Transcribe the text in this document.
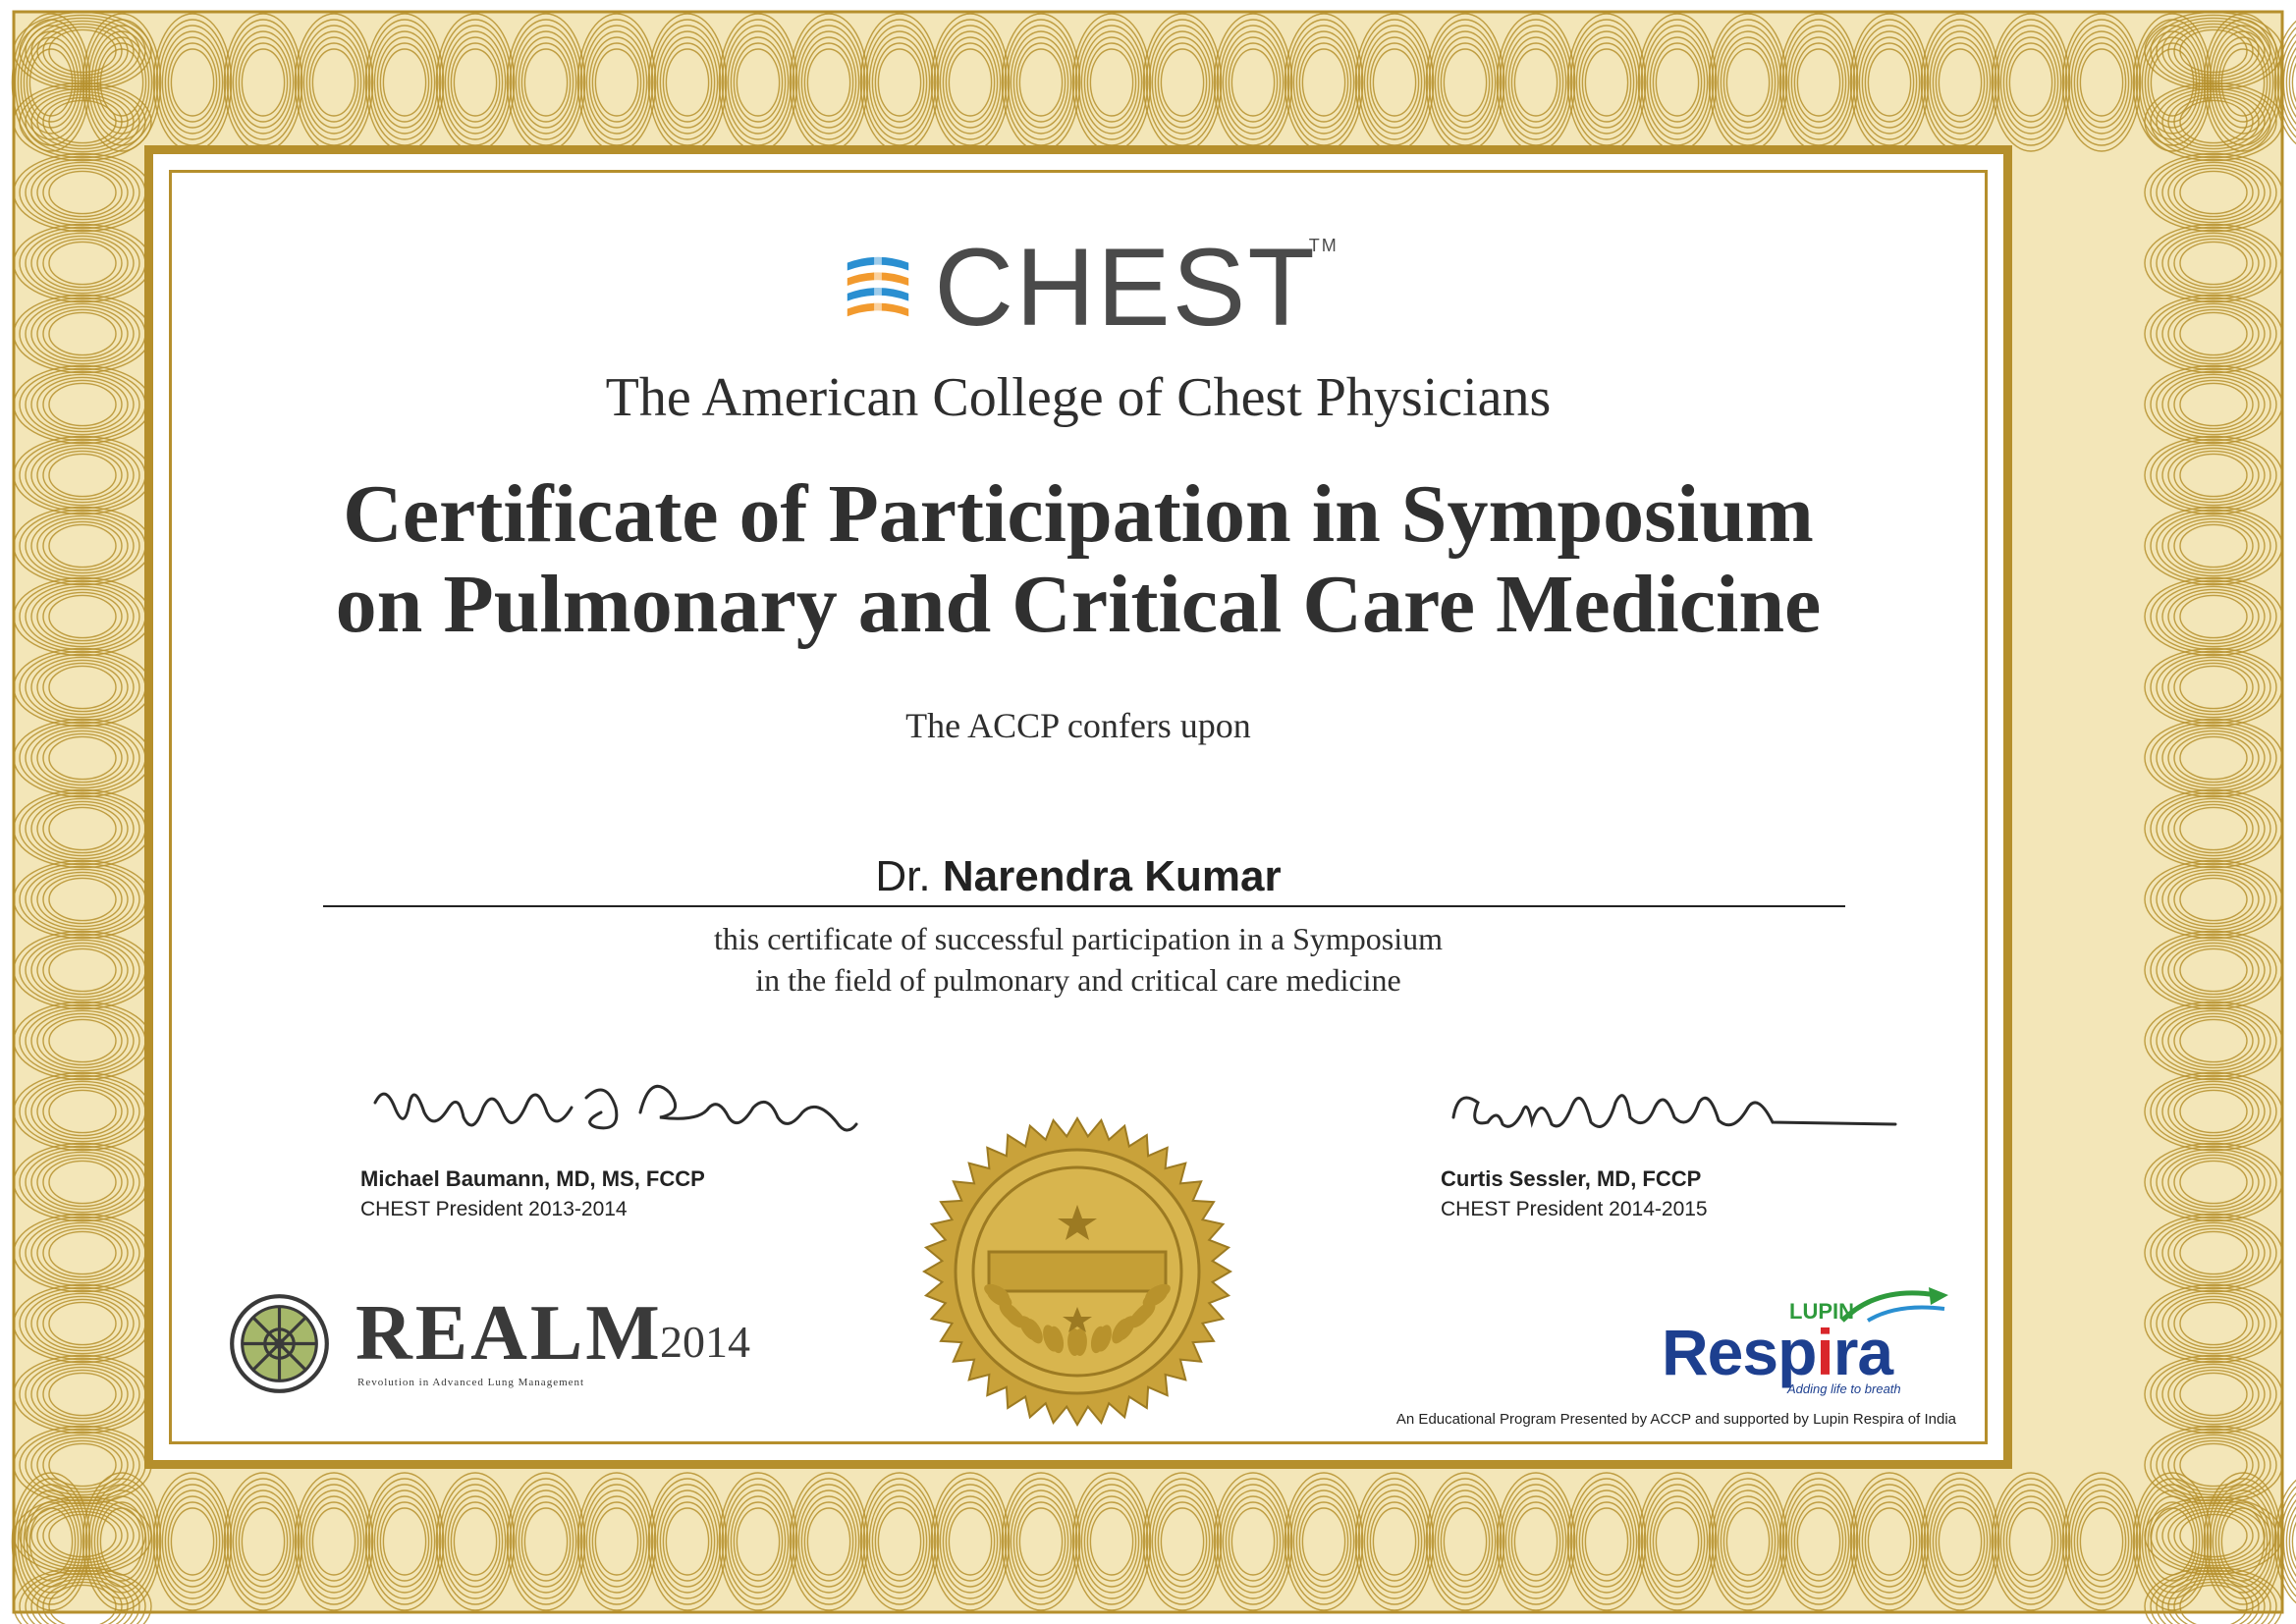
CHEST
TM

The American College of Chest Physicians

Certificate of Participation in Symposium
on Pulmonary and Critical Care Medicine

The ACCP confers upon

Dr. Narendra Kumar

this certificate of successful participation in a Symposium
in the field of pulmonary and critical care medicine
Michael Baumann, MD, MS, FCCP
CHEST President 2013-2014
Curtis Sessler, MD, FCCP
CHEST President 2014-2015
REALM
2014
Revolution in Advanced Lung Management
LUPIN
Respira
Adding life to breath
An Educational Program Presented by ACCP and supported by Lupin Respira of India
